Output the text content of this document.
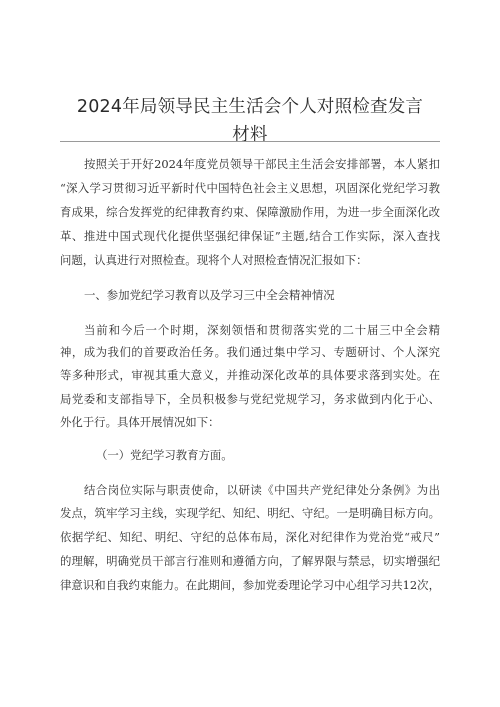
2024年局领导民主生活会个人对照检查发言
材料
按照关于开好2024年度党员领导干部民主生活会安排部署，本人紧扣
“深入学习贯彻习近平新时代中国特色社会主义思想，巩固深化党纪学习教
育成果，综合发挥党的纪律教育约束、保障激励作用，为进一步全面深化改
革、推进中国式现代化提供坚强纪律保证”主题,结合工作实际，深入查找
问题，认真进行对照检查。现将个人对照检查情况汇报如下：
一、参加党纪学习教育以及学习三中全会精神情况
当前和今后一个时期，深刻领悟和贯彻落实党的二十届三中全会精
神，成为我们的首要政治任务。我们通过集中学习、专题研讨、个人深究
等多种形式，审视其重大意义，并推动深化改革的具体要求落到实处。在
局党委和支部指导下，全员积极参与党纪党规学习，务求做到内化于心、
外化于行。具体开展情况如下：
（一）党纪学习教育方面。
结合岗位实际与职责使命，以研读《中国共产党纪律处分条例》为出
发点，筑牢学习主线，实现学纪、知纪、明纪、守纪。一是明确目标方向。
依据学纪、知纪、明纪、守纪的总体布局，深化对纪律作为党治党“戒尺”
的理解，明确党员干部言行准则和遵循方向，了解界限与禁忌，切实增强纪
律意识和自我约束能力。在此期间，参加党委理论学习中心组学习共12次，
